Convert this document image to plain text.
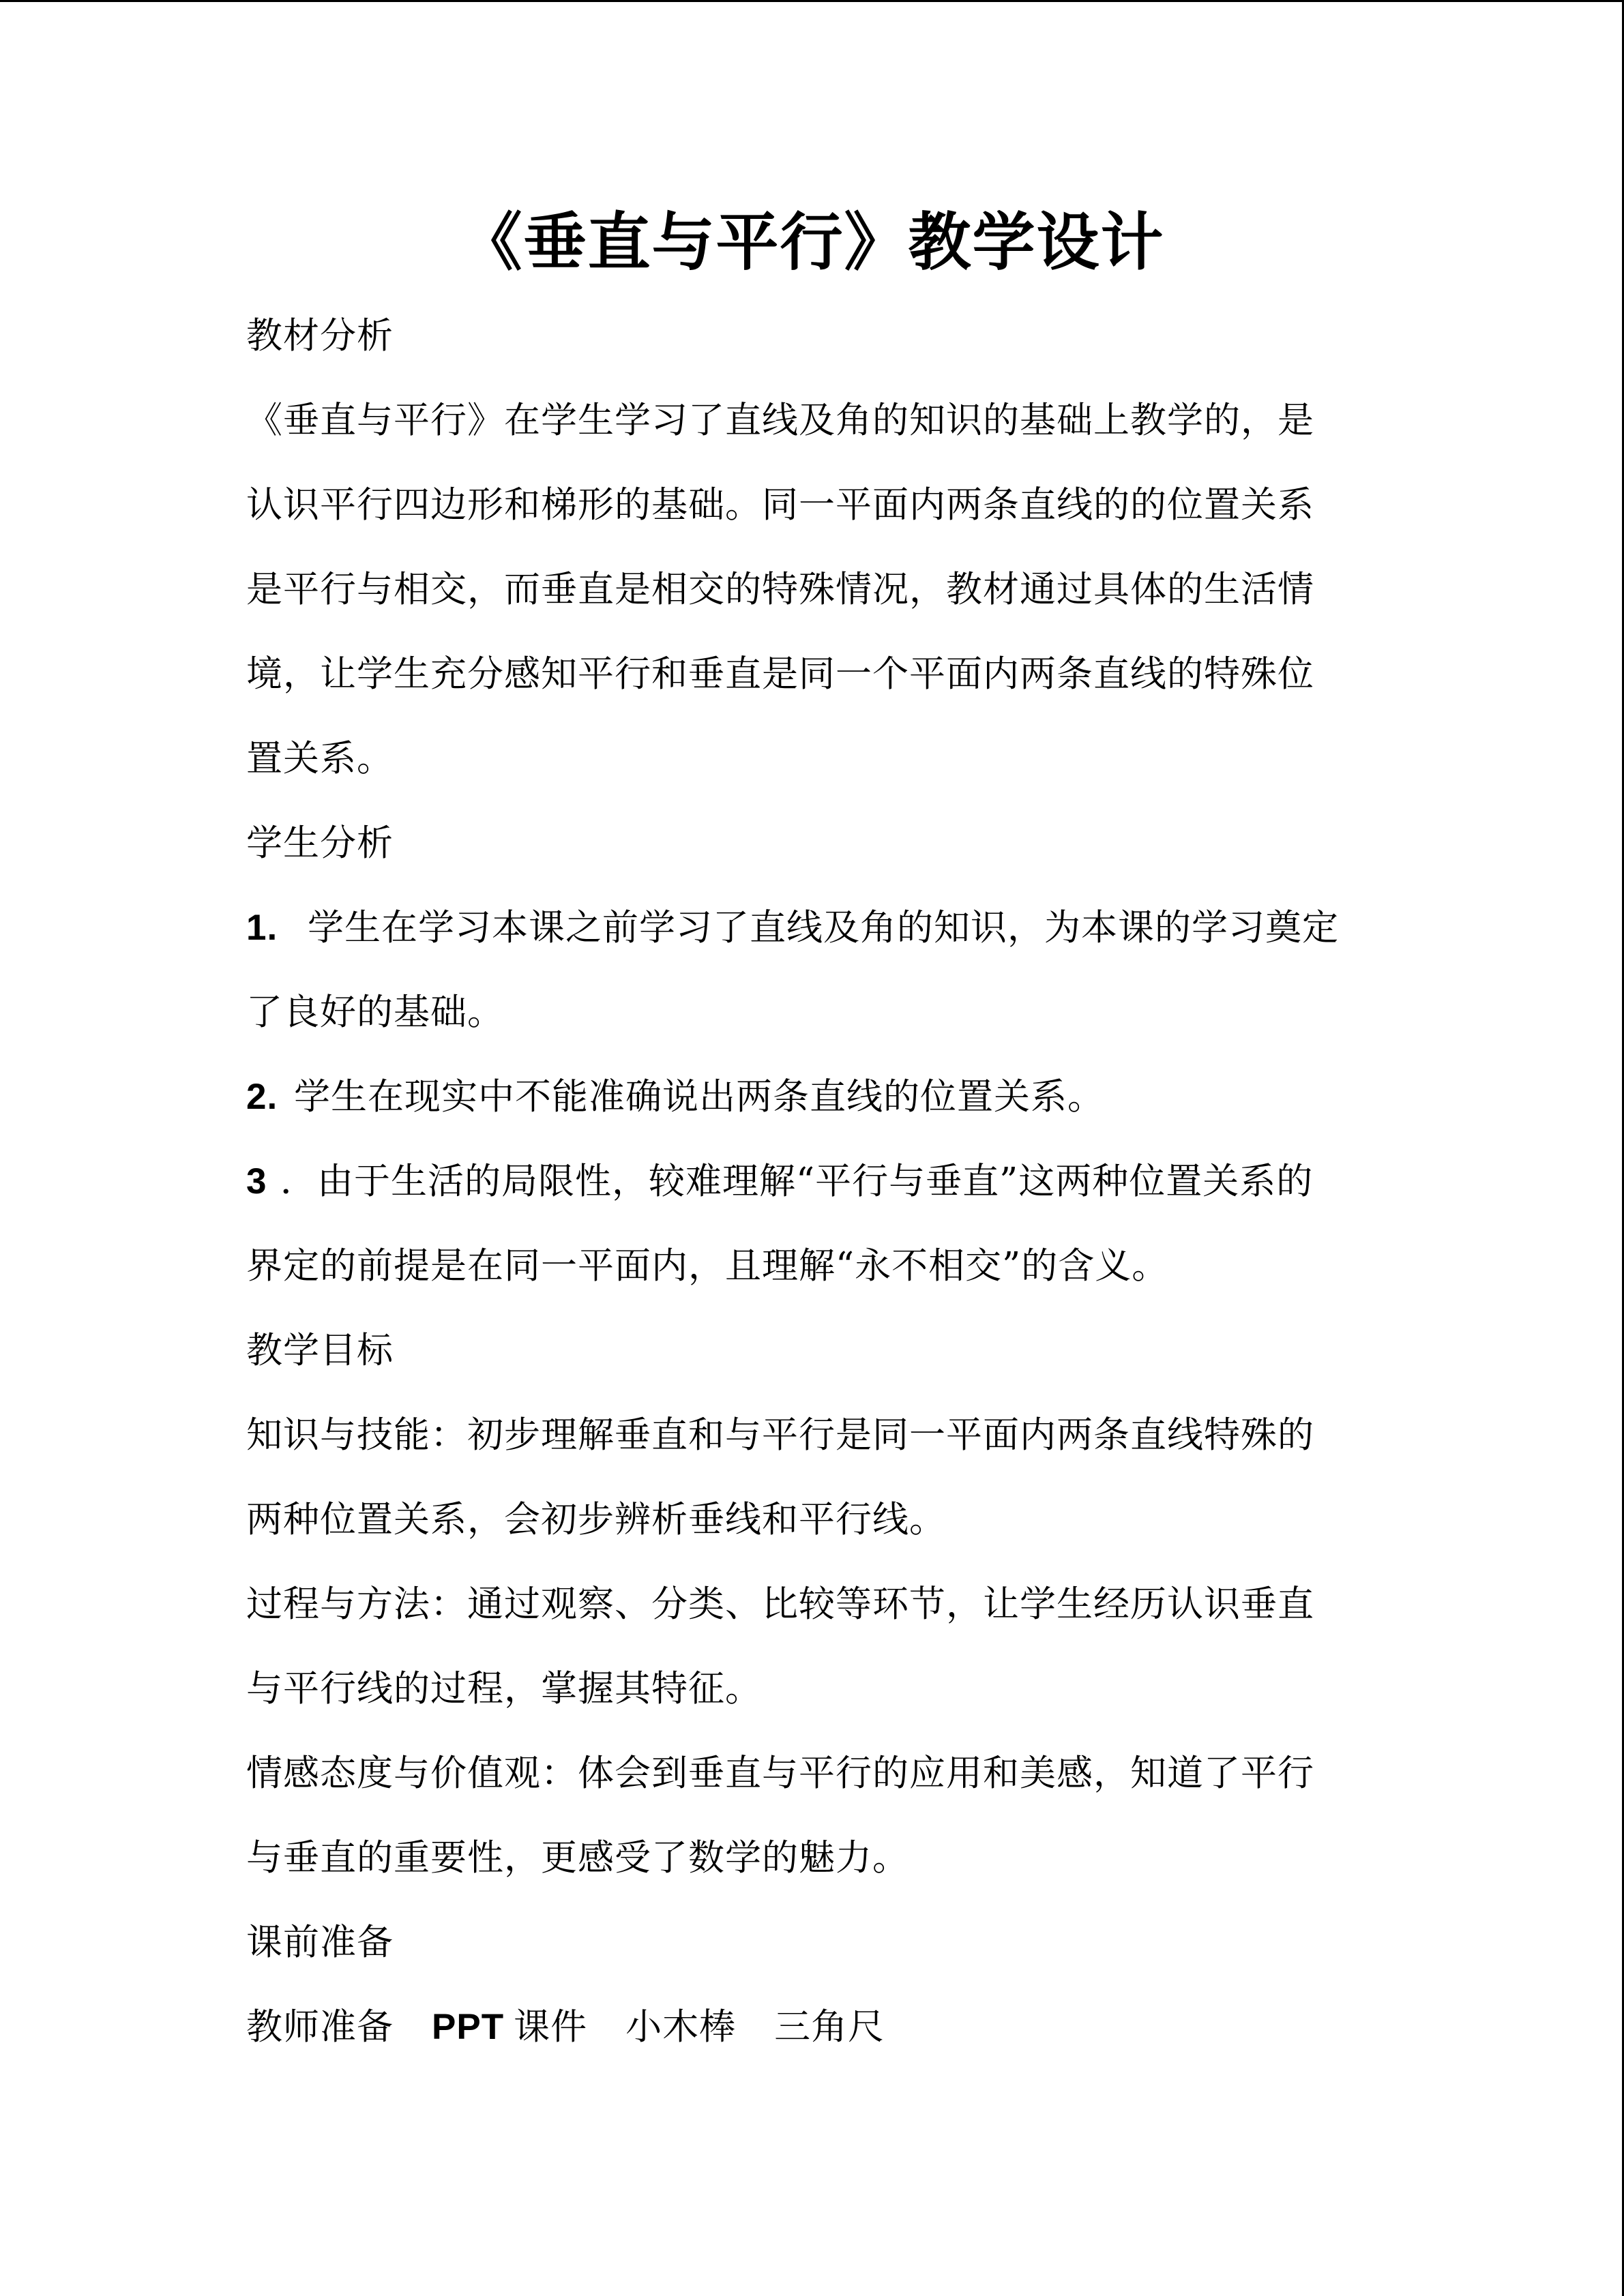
《垂直与平行》教学设计
教材分析
《垂直与平行》在学生学习了直线及角的知识的基础上教学的，是
认识平行四边形和梯形的基础。同一平面内两条直线的的位置关系
是平行与相交，而垂直是相交的特殊情况，教材通过具体的生活情
境，让学生充分感知平行和垂直是同一个平面内两条直线的特殊位
置关系。
学生分析
1. 学生在学习本课之前学习了直线及角的知识，为本课的学习奠定
了良好的基础。
2. 学生在现实中不能准确说出两条直线的位置关系。
3 ．由于生活的局限性，较难理解“平行与垂直”这两种位置关系的
界定的前提是在同一平面内，且理解“永不相交”的含义。
教学目标
知识与技能：初步理解垂直和与平行是同一平面内两条直线特殊的
两种位置关系，会初步辨析垂线和平行线。
过程与方法：通过观察、分类、比较等环节，让学生经历认识垂直
与平行线的过程，掌握其特征。
情感态度与价值观：体会到垂直与平行的应用和美感，知道了平行
与垂直的重要性，更感受了数学的魅力。
课前准备
教师准备 PPT 课件 小木棒 三角尺
